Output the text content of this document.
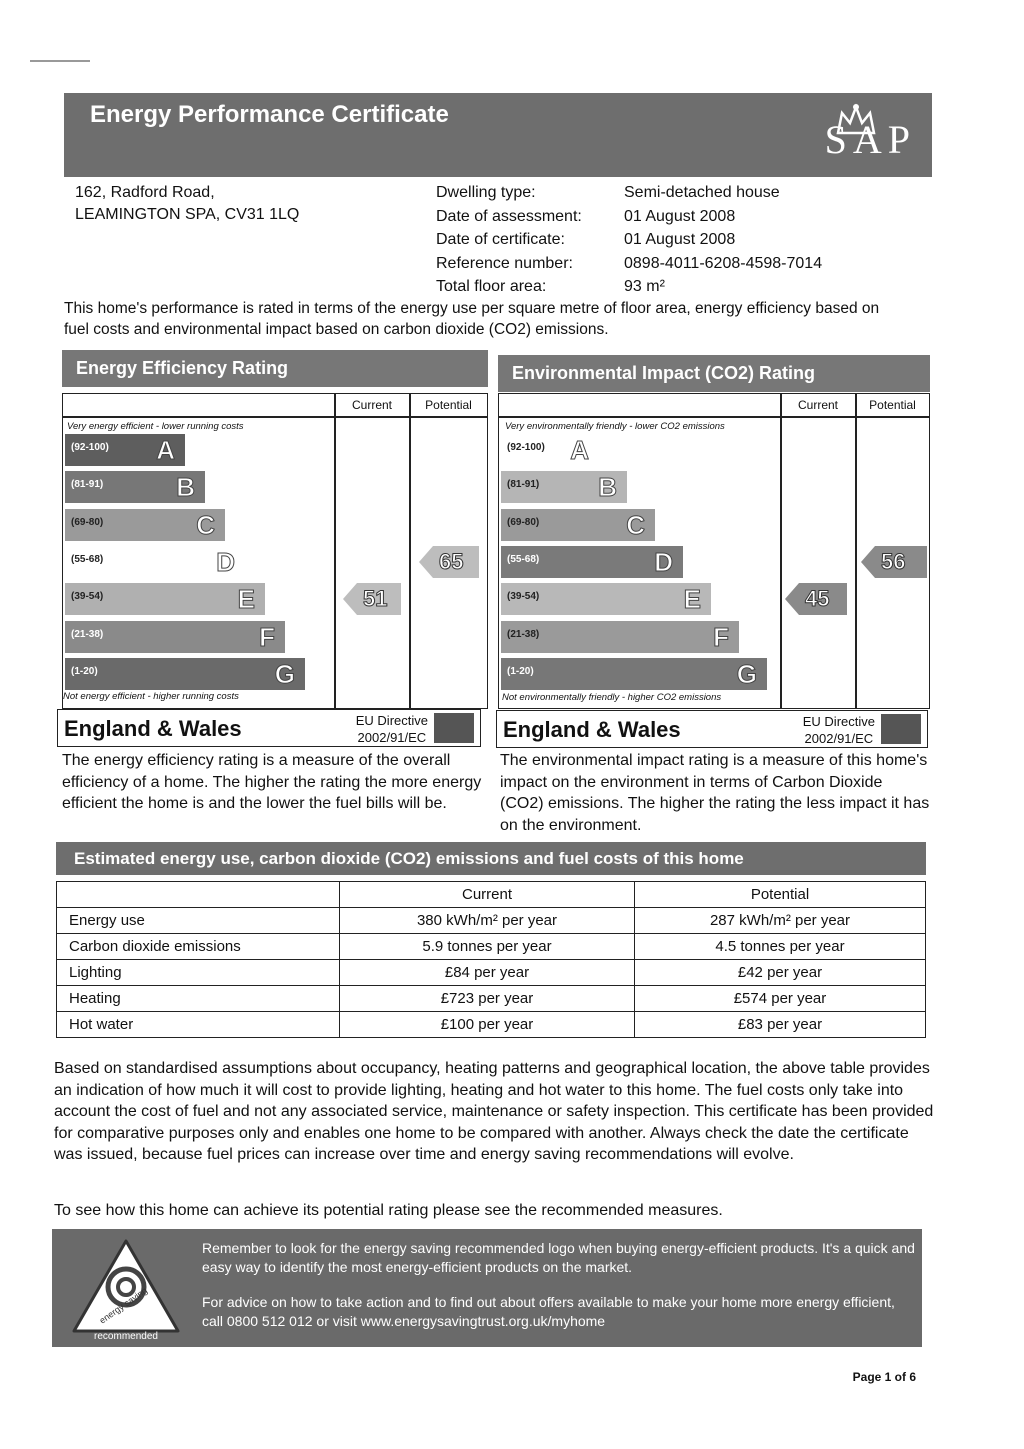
Energy Performance Certificate
SAP
162, Radford Road,
LEAMINGTON SPA, CV31 1LQ
Dwelling type:	Semi-detached house
Date of assessment:	01 August 2008
Date of certificate:	01 August 2008
Reference number:	0898-4011-6208-4598-7014
Total floor area:	93 m²
This home's performance is rated in terms of the energy use per square metre of floor area, energy efficiency based on fuel costs and environmental impact based on carbon dioxide (CO2) emissions.
Energy Efficiency Rating
Current	Potential
Very energy efficient - lower running costs
Not energy efficient - higher running costs
(92-100) A
(81-91)	B
(69-80)	C
(55-68)	D
(39-54)	E
(21-38)	F
(1-20)	G
51
65
England & Wales	EU Directive
2002/91/EC
The energy efficiency rating is a measure of the overall efficiency of a home. The higher the rating the more energy efficient the home is and the lower the fuel bills will be.
Environmental Impact (CO2) Rating
Current	Potential
Very environmentally friendly - lower CO2 emissions
Not environmentally friendly - higher CO2 emissions
(92-100) A
(81-91) B
(69-80)	C
(55-68)	D
(39-54)	E
(21-38)	F
(1-20)	G
45
56
England & Wales	EU Directive
2002/91/EC
The environmental impact rating is a measure of this home's impact on the environment in terms of Carbon Dioxide (CO2) emissions. The higher the rating the less impact it has on the environment.
Estimated energy use, carbon dioxide (CO2) emissions and fuel costs of this home
	Current	Potential
Energy use	380 kWh/m² per year	287 kWh/m² per year
Carbon dioxide emissions	5.9 tonnes per year	4.5 tonnes per year
Lighting	£84 per year	£42 per year
Heating	£723 per year	£574 per year
Hot water	£100 per year	£83 per year
Based on standardised assumptions about occupancy, heating patterns and geographical location, the above table provides an indication of how much it will cost to provide lighting, heating and hot water to this home. The fuel costs only take into account the cost of fuel and not any associated service, maintenance or safety inspection. This certificate has been provided for comparative purposes only and enables one home to be compared with another. Always check the date the certificate was issued, because fuel prices can increase over time and energy saving recommendations will evolve.
To see how this home can achieve its potential rating please see the recommended measures.
energy saving
recommended

Remember to look for the energy saving recommended logo when buying energy-efficient products. It's a quick and easy way to identify the most energy-efficient products on the market.

For advice on how to take action and to find out about offers available to make your home more energy efficient, call 0800 512 012 or visit www.energysavingtrust.org.uk/myhome

Page 1 of 6
